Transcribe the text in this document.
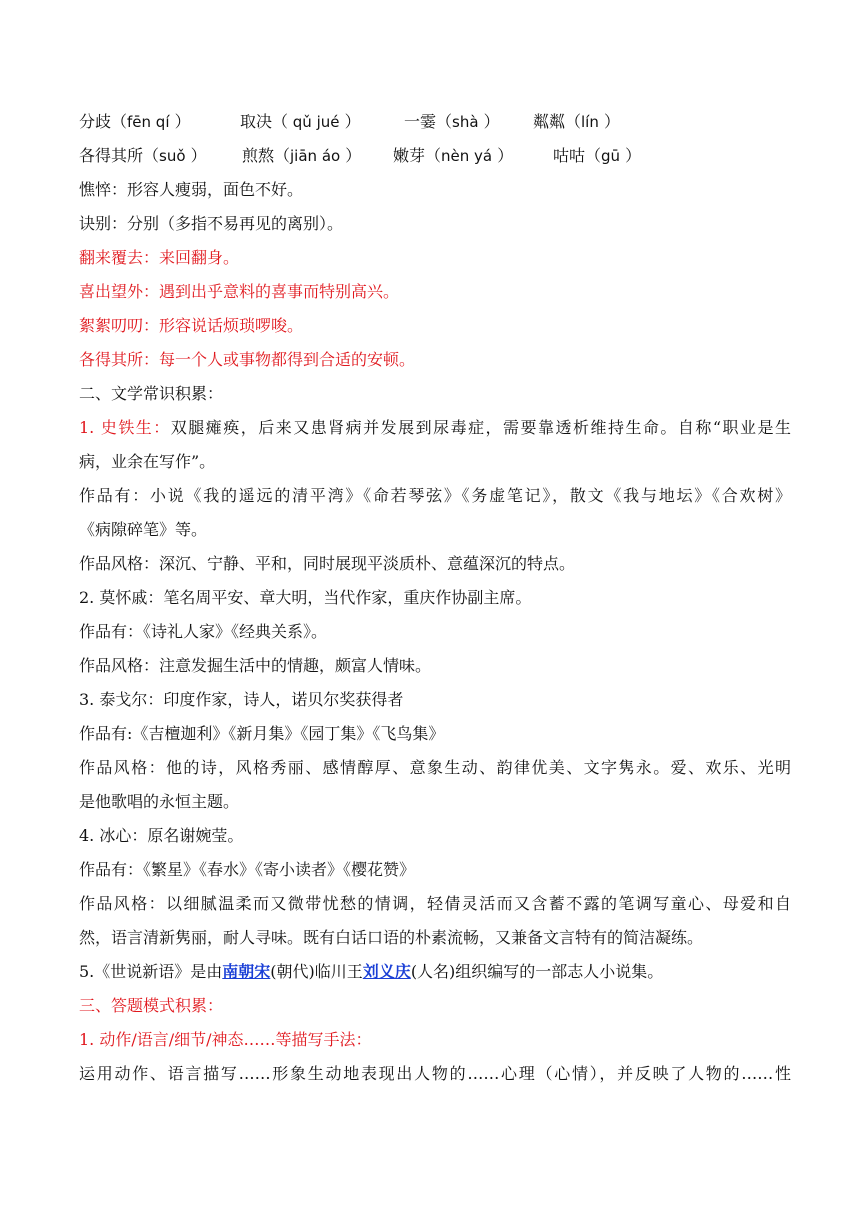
分歧（fēn qí ）	取决（ qǔ jué ）	一霎（shà ） 粼粼（lín ）
各得其所（suǒ ） 煎熬（jiān áo ） 嫩芽（nèn yá ） 咕咕（gū ）
憔悴：形容人瘦弱，面色不好。
诀别：分别（多指不易再见的离别）。
翻来覆去：来回翻身。
喜出望外：遇到出乎意料的喜事而特别高兴。
絮絮叨叨：形容说话烦琐啰唆。
各得其所：每一个人或事物都得到合适的安顿。
二、文学常识积累：
1. 史铁生：双腿瘫痪，后来又患肾病并发展到尿毒症，需要靠透析维持生命。自称“职业是生
病，业余在写作”。
作品有：小说《我的遥远的清平湾》《命若琴弦》《务虚笔记》，散文《我与地坛》《合欢树》
《病隙碎笔》等。
作品风格：深沉、宁静、平和，同时展现平淡质朴、意蕴深沉的特点。
2. 莫怀戚：笔名周平安、章大明，当代作家，重庆作协副主席。
作品有：《诗礼人家》《经典关系》。
作品风格：注意发掘生活中的情趣，颇富人情味。
3. 泰戈尔：印度作家，诗人，诺贝尔奖获得者
作品有:《吉檀迦利》《新月集》《园丁集》《飞鸟集》
作品风格：他的诗，风格秀丽、感情醇厚、意象生动、韵律优美、文字隽永。爱、欢乐、光明
是他歌唱的永恒主题。
4. 冰心：原名谢婉莹。
作品有：《繁星》《春水》《寄小读者》《樱花赞》
作品风格：以细腻温柔而又微带忧愁的情调，轻倩灵活而又含蓄不露的笔调写童心、母爱和自
然，语言清新隽丽，耐人寻味。既有白话口语的朴素流畅，又兼备文言特有的简洁凝练。
5.《世说新语》是由南朝宋(朝代)临川王刘义庆(人名)组织编写的一部志人小说集。
三、答题模式积累：
1. 动作/语言/细节/神态……等描写手法：
运用动作、语言描写……形象生动地表现出人物的……心理（心情），并反映了人物的……性
